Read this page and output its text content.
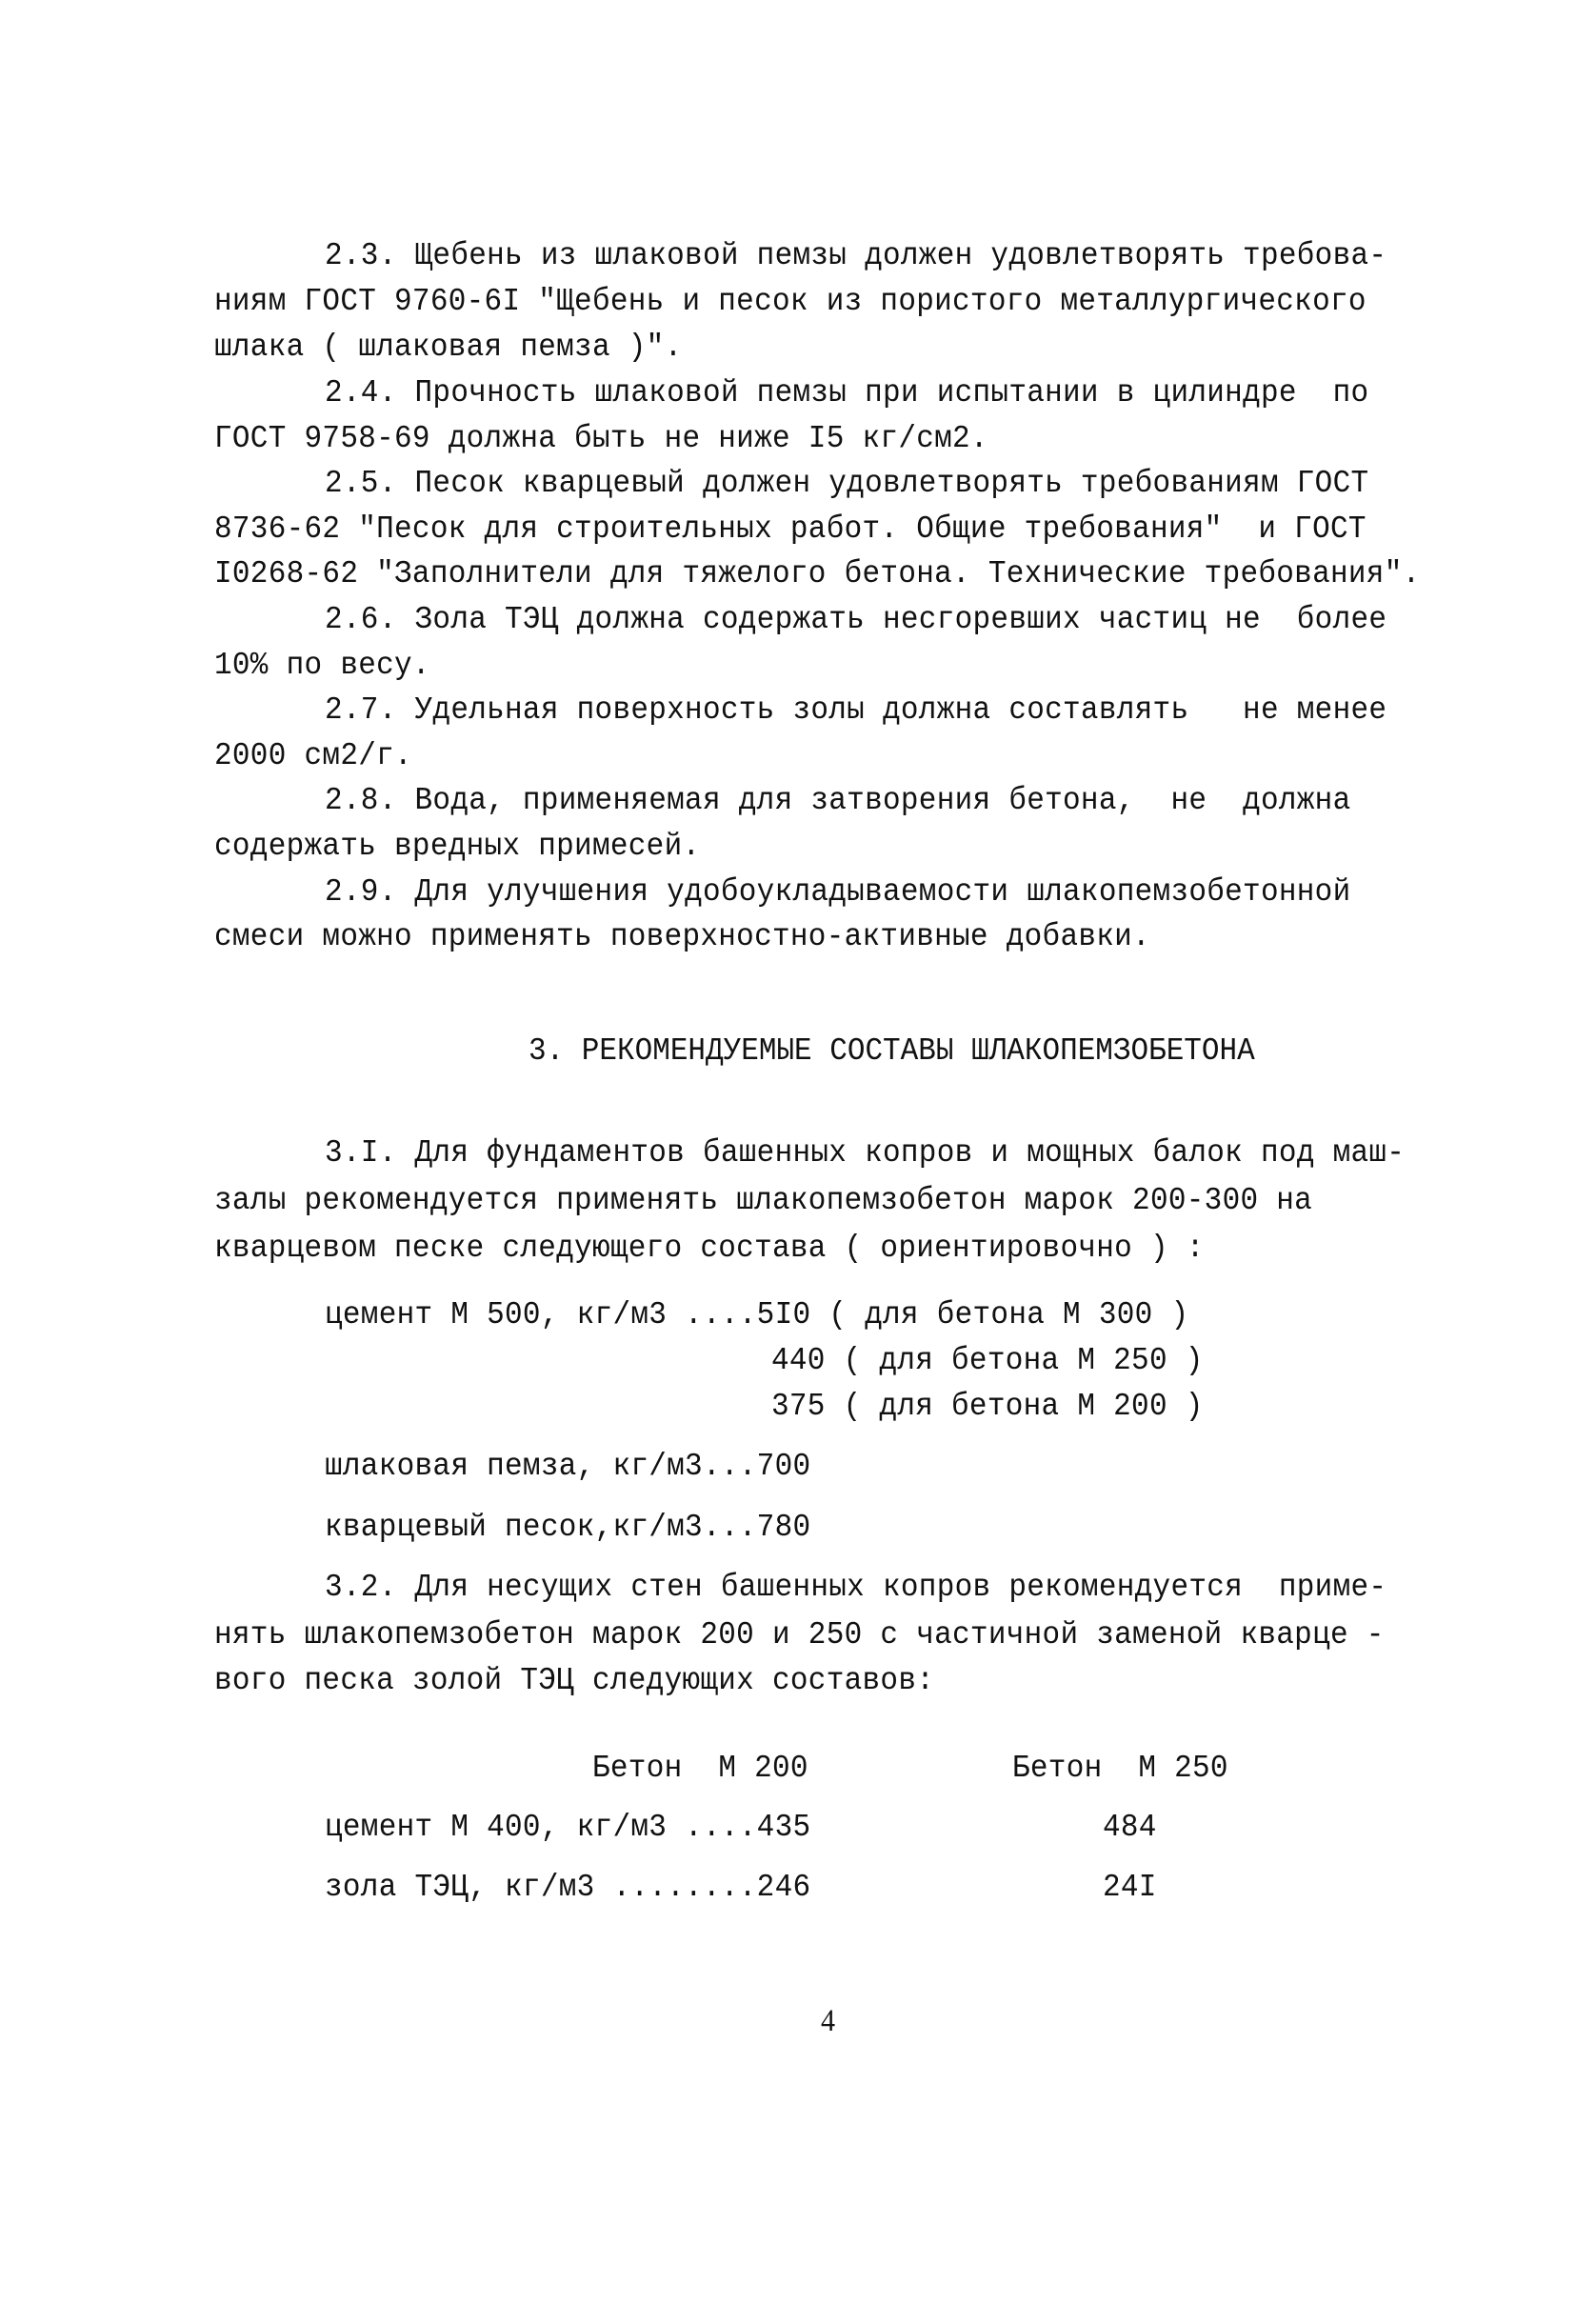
2.3. Щебень из шлаковой пемзы должен удовлетворять требова-
ниям ГОСТ 9760-6I "Щебень и песок из пористого металлургического
шлака ( шлаковая пемза )".
2.4. Прочность шлаковой пемзы при испытании в цилиндре  по
ГОСТ 9758-69 должна быть не ниже I5 кг/см2.
2.5. Песок кварцевый должен удовлетворять требованиям ГОСТ
8736-62 "Песок для строительных работ. Общие требования"  и ГОСТ
I0268-62 "Заполнители для тяжелого бетона. Технические требования".
2.6. Зола ТЭЦ должна содержать несгоревших частиц не  более
10% по весу.
2.7. Удельная поверхность золы должна составлять   не менее
2000 см2/г.
2.8. Вода, применяемая для затворения бетона,  не  должна
содержать вредных примесей.
2.9. Для улучшения удобоукладываемости шлакопемзобетонной
смеси можно применять поверхностно-активные добавки.
3. РЕКОМЕНДУЕМЫЕ СОСТАВЫ ШЛАКОПЕМЗОБЕТОНА
3.I. Для фундаментов башенных копров и мощных балок под маш-
залы рекомендуется применять шлакопемзобетон марок 200-300 на
кварцевом песке следующего состава ( ориентировочно ) :
цемент М 500, кг/м3 ....5I0 ( для бетона М 300 )
440 ( для бетона М 250 )
375 ( для бетона М 200 )
шлаковая пемза, кг/м3...700
кварцевый песок,кг/м3...780
3.2. Для несущих стен башенных копров рекомендуется  приме-
нять шлакопемзобетон марок 200 и 250 с частичной заменой кварце -
вого песка золой ТЭЦ следующих составов:
Бетон  М 200	Бетон  М 250
цемент М 400, кг/м3 ....435	484
зола ТЭЦ, кг/м3 ........246	24I
4
